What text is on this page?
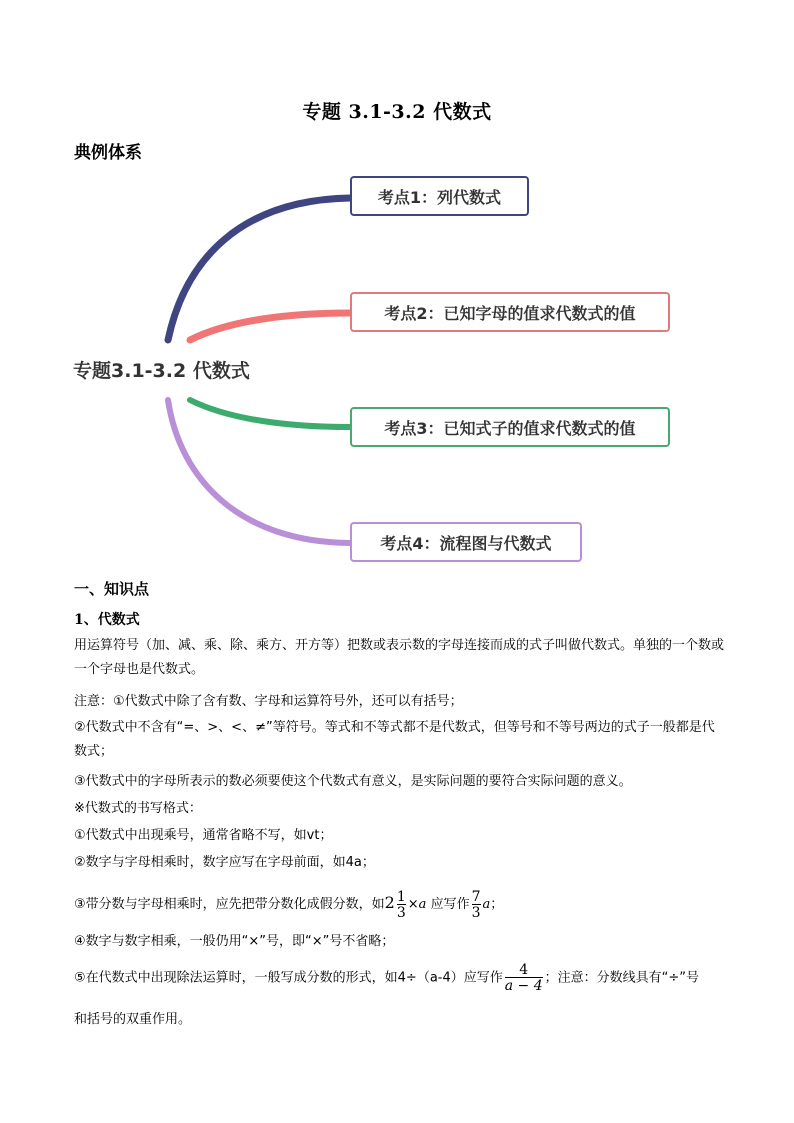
专题 3.1-3.2 代数式
典例体系
专题3.1-3.2 代数式
考点1：列代数式
考点2：已知字母的值求代数式的值
考点3：已知式子的值求代数式的值
考点4：流程图与代数式
一、知识点
1、代数式
用运算符号（加、减、乘、除、乘方、开方等）把数或表示数的字母连接而成的式子叫做代数式。单独的一个数或一个字母也是代数式。
注意：①代数式中除了含有数、字母和运算符号外，还可以有括号；
②代数式中不含有“=、>、<、≠”等符号。等式和不等式都不是代数式，但等号和不等号两边的式子一般都是代数式；
③代数式中的字母所表示的数必须要使这个代数式有意义，是实际问题的要符合实际问题的意义。
※代数式的书写格式：
①代数式中出现乘号，通常省略不写，如vt；
②数字与字母相乘时，数字应写在字母前面，如4a；
③带分数与字母相乘时，应先把带分数化成假分数，如$2 \frac{1}{3} \times a$ 应写作 $\frac{7}{3}$ a；
④数字与数字相乘，一般仍用“×”号，即“×”号不省略；
⑤在代数式中出现除法运算时，一般写成分数的形式，如4÷（a-4）应写作 $\frac{4}{a - 4}$ ；注意：分数线具有“÷”号
和括号的双重作用。
